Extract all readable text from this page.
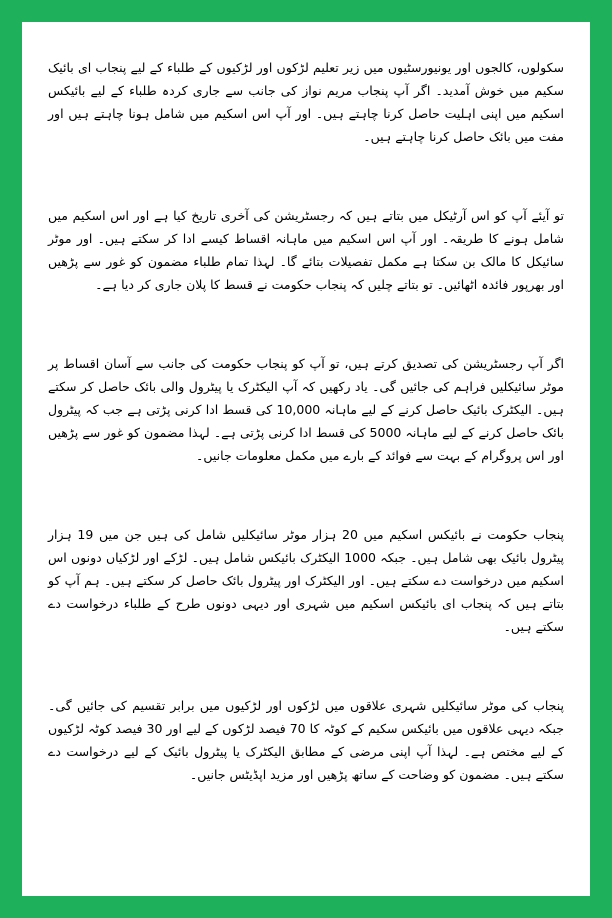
سکولوں، کالجوں اور یونیورسٹیوں میں زیر تعلیم لڑکوں اور لڑکیوں کے طلباء کے لیے پنجاب ای بائیک سکیم میں خوش آمدید۔ اگر آپ پنجاب مریم نواز کی جانب سے جاری کردہ طلباء کے لیے بائیکس اسکیم میں اپنی اہلیت حاصل کرنا چاہتے ہیں۔ اور آپ اس اسکیم میں شامل ہونا چاہتے ہیں اور مفت میں بائک حاصل کرنا چاہتے ہیں۔

تو آیئے آپ کو اس آرٹیکل میں بتاتے ہیں کہ رجسٹریشن کی آخری تاریخ کیا ہے اور اس اسکیم میں شامل ہونے کا طریقہ۔ اور آپ اس اسکیم میں ماہانہ اقساط کیسے ادا کر سکتے ہیں۔ اور موٹر سائیکل کا مالک بن سکتا ہے مکمل تفصیلات بتائے گا۔ لہذا تمام طلباء مضمون کو غور سے پڑھیں اور بھرپور فائدہ اٹھائیں۔ تو بتاتے چلیں کہ پنجاب حکومت نے قسط کا پلان جاری کر دیا ہے۔

اگر آپ رجسٹریشن کی تصدیق کرتے ہیں، تو آپ کو پنجاب حکومت کی جانب سے آسان اقساط پر موٹر سائیکلیں فراہم کی جائیں گی۔ یاد رکھیں کہ آپ الیکٹرک یا پیٹرول والی بائک حاصل کر سکتے ہیں۔ الیکٹرک بائیک حاصل کرنے کے لیے ماہانہ 10,000 کی قسط ادا کرنی پڑتی ہے جب کہ پیٹرول بائک حاصل کرنے کے لیے ماہانہ 5000 کی قسط ادا کرنی پڑتی ہے۔ لہذا مضمون کو غور سے پڑھیں اور اس پروگرام کے بہت سے فوائد کے بارے میں مکمل معلومات جانیں۔

پنجاب حکومت نے بائیکس اسکیم میں 20 ہزار موٹر سائیکلیں شامل کی ہیں جن میں 19 ہزار پیٹرول بائیک بھی شامل ہیں۔ جبکہ 1000 الیکٹرک بائیکس شامل ہیں۔ لڑکے اور لڑکیاں دونوں اس اسکیم میں درخواست دے سکتے ہیں۔ اور الیکٹرک اور پیٹرول بائک حاصل کر سکتے ہیں۔ ہم آپ کو بتاتے ہیں کہ پنجاب ای بائیکس اسکیم میں شہری اور دیہی دونوں طرح کے طلباء درخواست دے سکتے ہیں۔

پنجاب کی موٹر سائیکلیں شہری علاقوں میں لڑکوں اور لڑکیوں میں برابر تقسیم کی جائیں گی۔ جبکہ دیہی علاقوں میں بائیکس سکیم کے کوٹہ کا 70 فیصد لڑکوں کے لیے اور 30 فیصد کوٹہ لڑکیوں کے لیے مختص ہے۔ لہذا آپ اپنی مرضی کے مطابق الیکٹرک یا پیٹرول بائیک کے لیے درخواست دے سکتے ہیں۔ مضمون کو وضاحت کے ساتھ پڑھیں اور مزید اپڈیٹس جانیں۔
